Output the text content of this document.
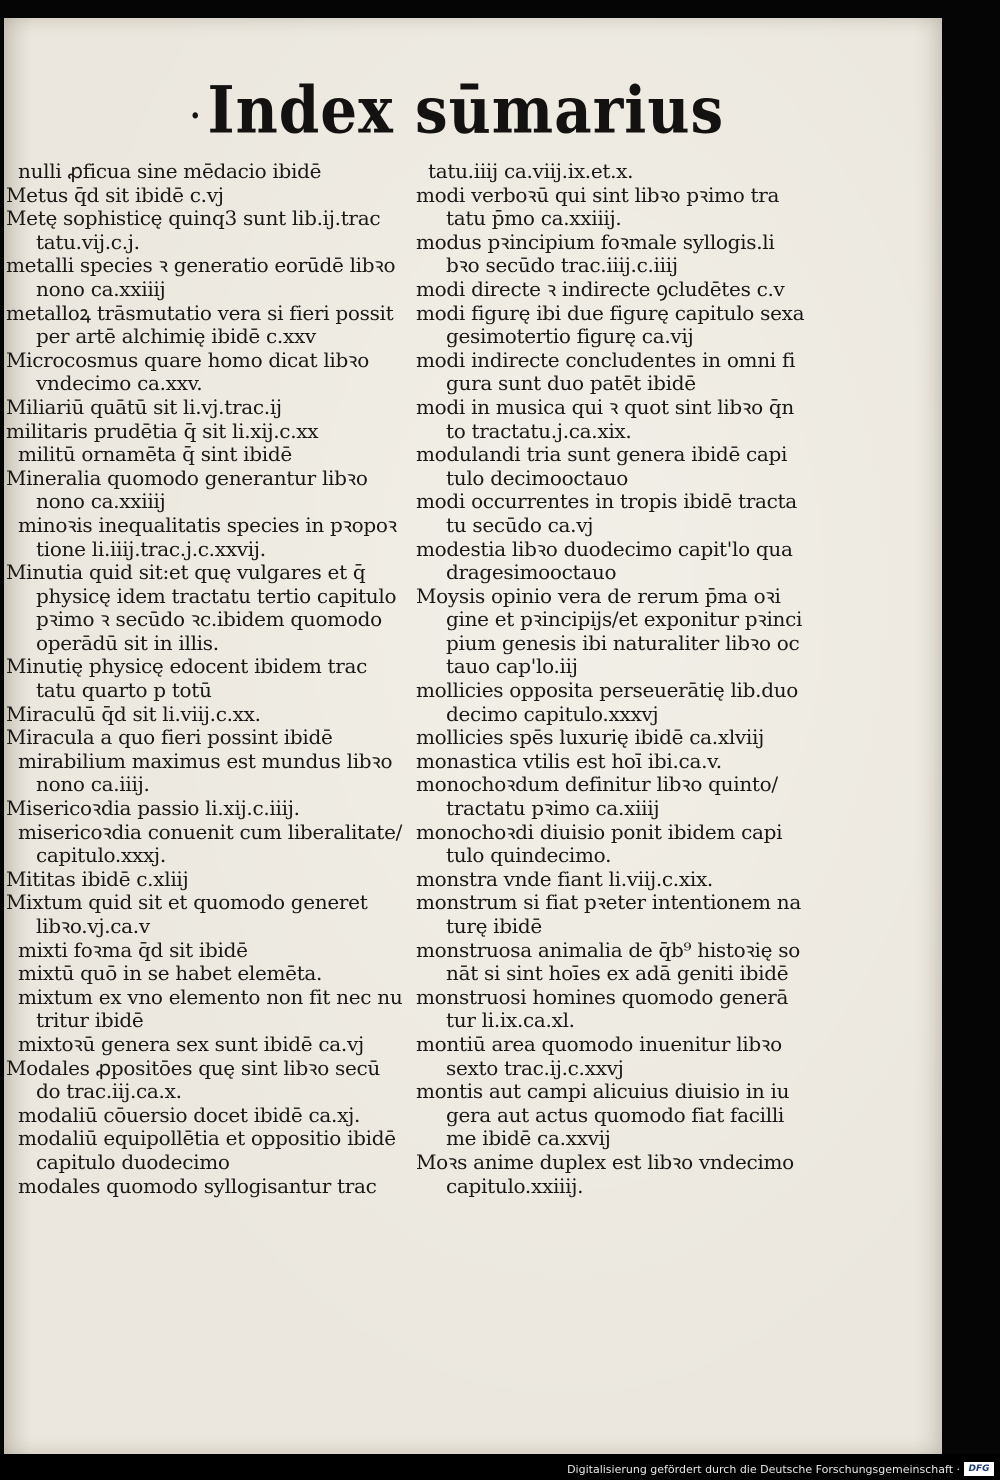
· Index sūmarius
nulli ꝓficua sine mēdacio ibidē
Metus q̄d sit ibidē c.vj
Metę sophisticę quinq3 sunt lib.ij.trac
tatu.vij.c.j.
metalli species ꝛ generatio eorūdē libꝛo
nono ca.xxiiij
metalloꝝ trāsmutatio vera si fieri possit
per artē alchimię ibidē c.xxv
Microcosmus quare homo dicat libꝛo
vndecimo ca.xxv.
Miliariū quātū sit li.vj.trac.ij
militaris prudētia q̄ sit li.xij.c.xx
militū ornamēta q̄ sint ibidē
Mineralia quomodo generantur libꝛo
nono ca.xxiiij
minoꝛis inequalitatis species in pꝛopoꝛ
tione li.iiij.trac.j.c.xxvij.
Minutia quid sit:et quę vulgares et q̄
physicę idem tractatu tertio capitulo
pꝛimo ꝛ secūdo ꝛc.ibidem quomodo
operādū sit in illis.
Minutię physicę edocent ibidem trac
tatu quarto p totū
Miraculū q̄d sit li.viij.c.xx.
Miracula a quo fieri possint ibidē
mirabilium maximus est mundus libꝛo
nono ca.iiij.
Misericoꝛdia passio li.xij.c.iiij.
misericoꝛdia conuenit cum liberalitate/
capitulo.xxxj.
Mititas ibidē c.xliij
Mixtum quid sit et quomodo generet
libꝛo.vj.ca.v
mixti foꝛma q̄d sit ibidē
mixtū quō in se habet elemēta.
mixtum ex vno elemento non fit nec nu
tritur ibidē
mixtoꝛū genera sex sunt ibidē ca.vj
Modales ꝓpositōes quę sint libꝛo secū
do trac.iij.ca.x.
modaliū cōuersio docet ibidē ca.xj.
modaliū equipollētia et oppositio ibidē
capitulo duodecimo
modales quomodo syllogisantur trac
tatu.iiij ca.viij.ix.et.x.
modi verboꝛū qui sint libꝛo pꝛimo tra
tatu p̄mo ca.xxiiij.
modus pꝛincipium foꝛmale syllogis.li
bꝛo secūdo trac.iiij.c.iiij
modi directe ꝛ indirecte ꝯcludētes c.v
modi figurę ibi due figurę capitulo sexa
gesimotertio figurę ca.vij
modi indirecte concludentes in omni fi
gura sunt duo patēt ibidē
modi in musica qui ꝛ quot sint libꝛo q̄n
to tractatu.j.ca.xix.
modulandi tria sunt genera ibidē capi
tulo decimooctauo
modi occurrentes in tropis ibidē tracta
tu secūdo ca.vj
modestia libꝛo duodecimo capit'lo qua
dragesimooctauo
Moysis opinio vera de rerum p̄ma oꝛi
gine et pꝛincipijs/et exponitur pꝛinci
pium genesis ibi naturaliter libꝛo oc
tauo cap'lo.iij
mollicies opposita perseuerātię lib.duo
decimo capitulo.xxxvj
mollicies spēs luxurię ibidē ca.xlviij
monastica vtilis est hoī ibi.ca.v.
monochoꝛdum definitur libꝛo quinto/
tractatu pꝛimo ca.xiiij
monochoꝛdi diuisio ponit ibidem capi
tulo quindecimo.
monstra vnde fiant li.viij.c.xix.
monstrum si fiat pꝛeter intentionem na
turę ibidē
monstruosa animalia de q̄b⁹ histoꝛię so
nāt si sint hoīes ex adā geniti ibidē
monstruosi homines quomodo generā
tur li.ix.ca.xl.
montiū area quomodo inuenitur libꝛo
sexto trac.ij.c.xxvj
montis aut campi alicuius diuisio in iu
gera aut actus quomodo fiat facilli
me ibidē ca.xxvij
Moꝛs anime duplex est libꝛo vndecimo
capitulo.xxiiij.
Digitalisierung gefördert durch die Deutsche Forschungsgemeinschaft · DFG
